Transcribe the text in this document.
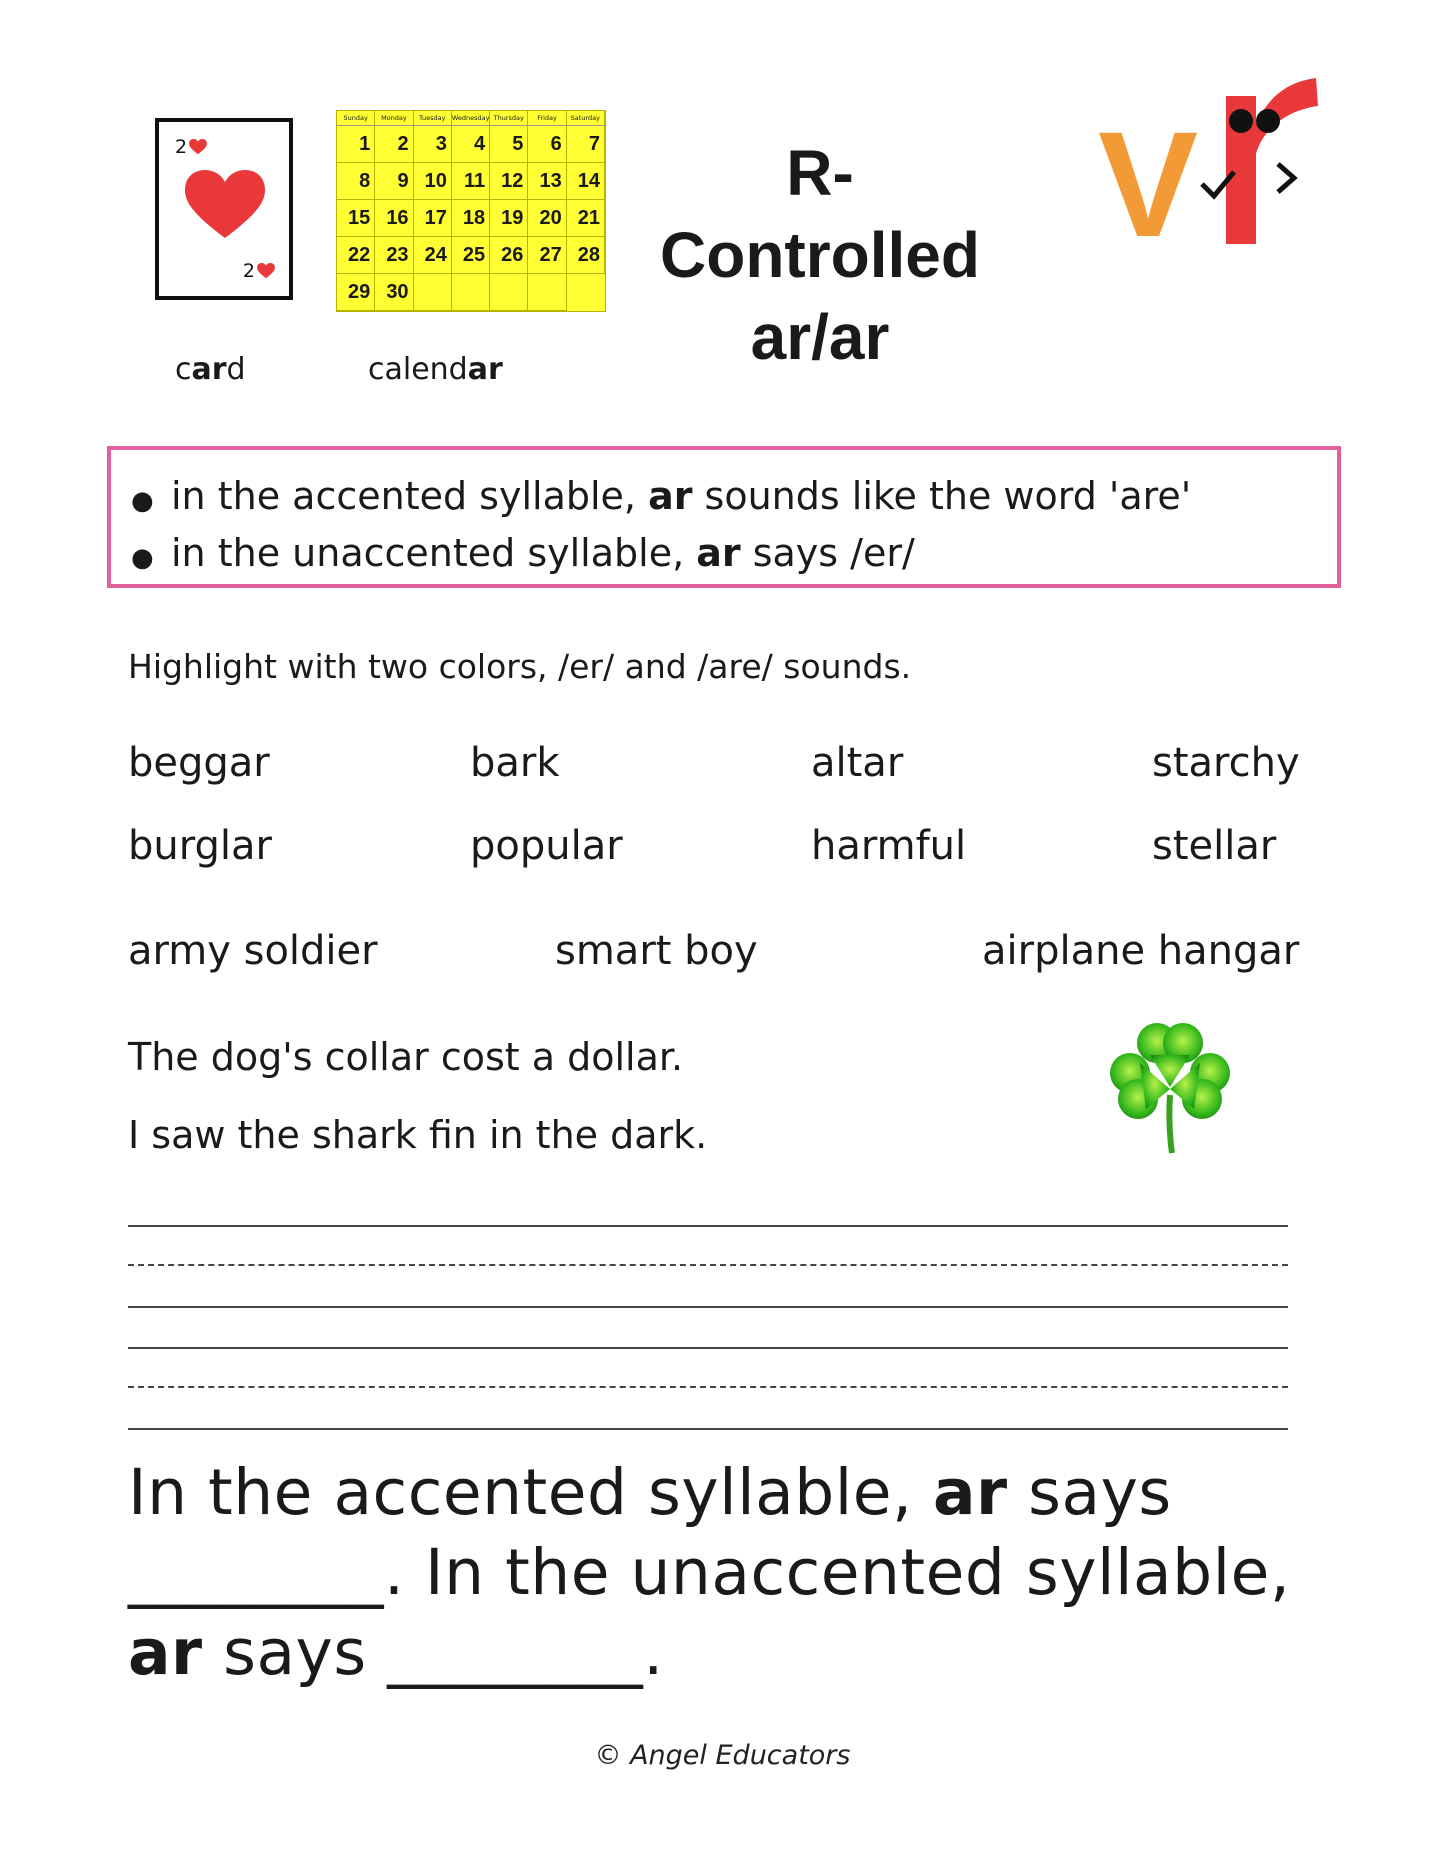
2
2
Sunday	Monday	Tuesday Wednesday Thursday	Friday	Saturday
1	2	3	4	5	6	7
8	9 10 11 12 13 14
15 16 17 18 19 20 21
22 23 24 25 26 27 28
29 30
card	calendar
R-Controlled
ar/ar
V
● in the accented syllable, ar sounds like the word 'are'
● in the unaccented syllable, ar says /er/
Highlight with two colors, /er/ and /are/ sounds.
beggar	bark	altar	starchy
burglar	popular	harmful	stellar
army soldier	smart boy	airplane hangar
The dog's collar cost a dollar.
I saw the shark fin in the dark.
In the accented syllable, ar says
________. In the unaccented syllable, ar says ________.
© Angel Educators
